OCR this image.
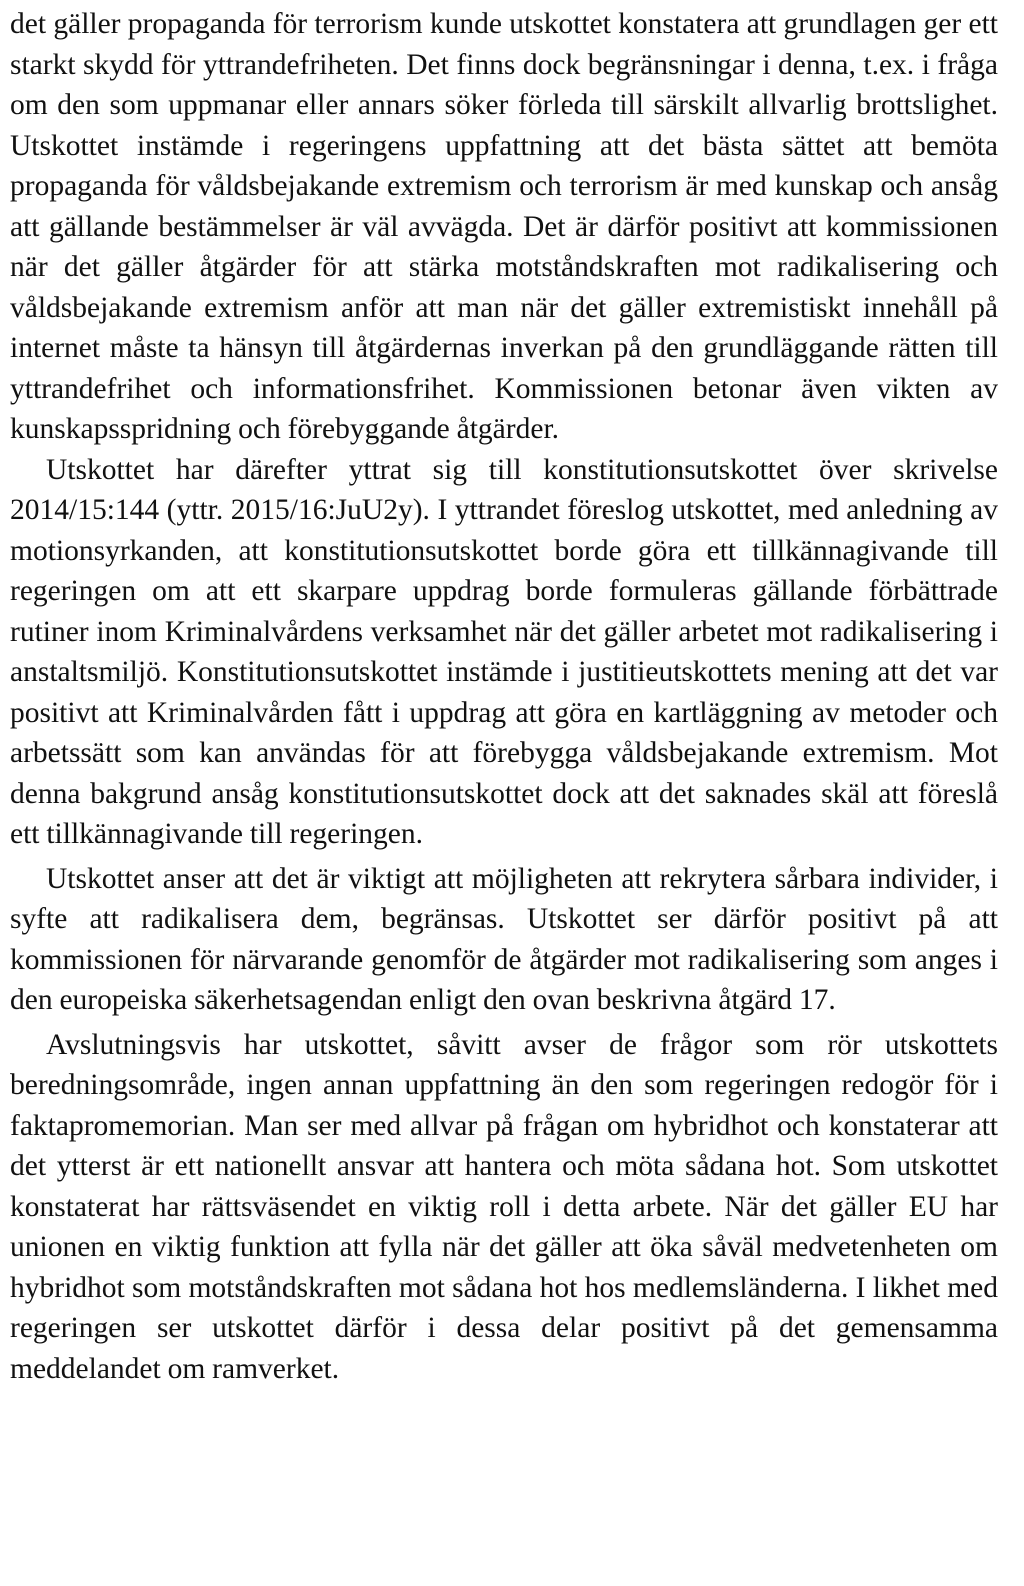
det gäller propaganda för terrorism kunde utskottet konstatera att grundlagen ger ett starkt skydd för yttrandefriheten. Det finns dock begränsningar i denna, t.ex. i fråga om den som uppmanar eller annars söker förleda till särskilt allvarlig brottslighet. Utskottet instämde i regeringens uppfattning att det bästa sättet att bemöta propaganda för våldsbejakande extremism och terrorism är med kunskap och ansåg att gällande bestämmelser är väl avvägda. Det är därför positivt att kommissionen när det gäller åtgärder för att stärka motståndskraften mot radikalisering och våldsbejakande extremism anför att man när det gäller extremistiskt innehåll på internet måste ta hänsyn till åtgärdernas inverkan på den grundläggande rätten till yttrandefrihet och informationsfrihet. Kommissionen betonar även vikten av kunskapsspridning och förebyggande åtgärder.

Utskottet har därefter yttrat sig till konstitutionsutskottet över skrivelse 2014/15:144 (yttr. 2015/16:JuU2y). I yttrandet föreslog utskottet, med anledning av motionsyrkanden, att konstitutionsutskottet borde göra ett tillkännagivande till regeringen om att ett skarpare uppdrag borde formuleras gällande förbättrade rutiner inom Kriminalvårdens verksamhet när det gäller arbetet mot radikalisering i anstaltsmiljö. Konstitutionsutskottet instämde i justitieutskottets mening att det var positivt att Kriminalvården fått i uppdrag att göra en kartläggning av metoder och arbetssätt som kan användas för att förebygga våldsbejakande extremism. Mot denna bakgrund ansåg konstitutionsutskottet dock att det saknades skäl att föreslå ett tillkännagivande till regeringen.

Utskottet anser att det är viktigt att möjligheten att rekrytera sårbara individer, i syfte att radikalisera dem, begränsas. Utskottet ser därför positivt på att kommissionen för närvarande genomför de åtgärder mot radikalisering som anges i den europeiska säkerhetsagendan enligt den ovan beskrivna åtgärd 17.

Avslutningsvis har utskottet, såvitt avser de frågor som rör utskottets beredningsområde, ingen annan uppfattning än den som regeringen redogör för i faktapromemorian. Man ser med allvar på frågan om hybridhot och konstaterar att det ytterst är ett nationellt ansvar att hantera och möta sådana hot. Som utskottet konstaterat har rättsväsendet en viktig roll i detta arbete. När det gäller EU har unionen en viktig funktion att fylla när det gäller att öka såväl medvetenheten om hybridhot som motståndskraften mot sådana hot hos medlemsländerna. I likhet med regeringen ser utskottet därför i dessa delar positivt på det gemensamma meddelandet om ramverket.
